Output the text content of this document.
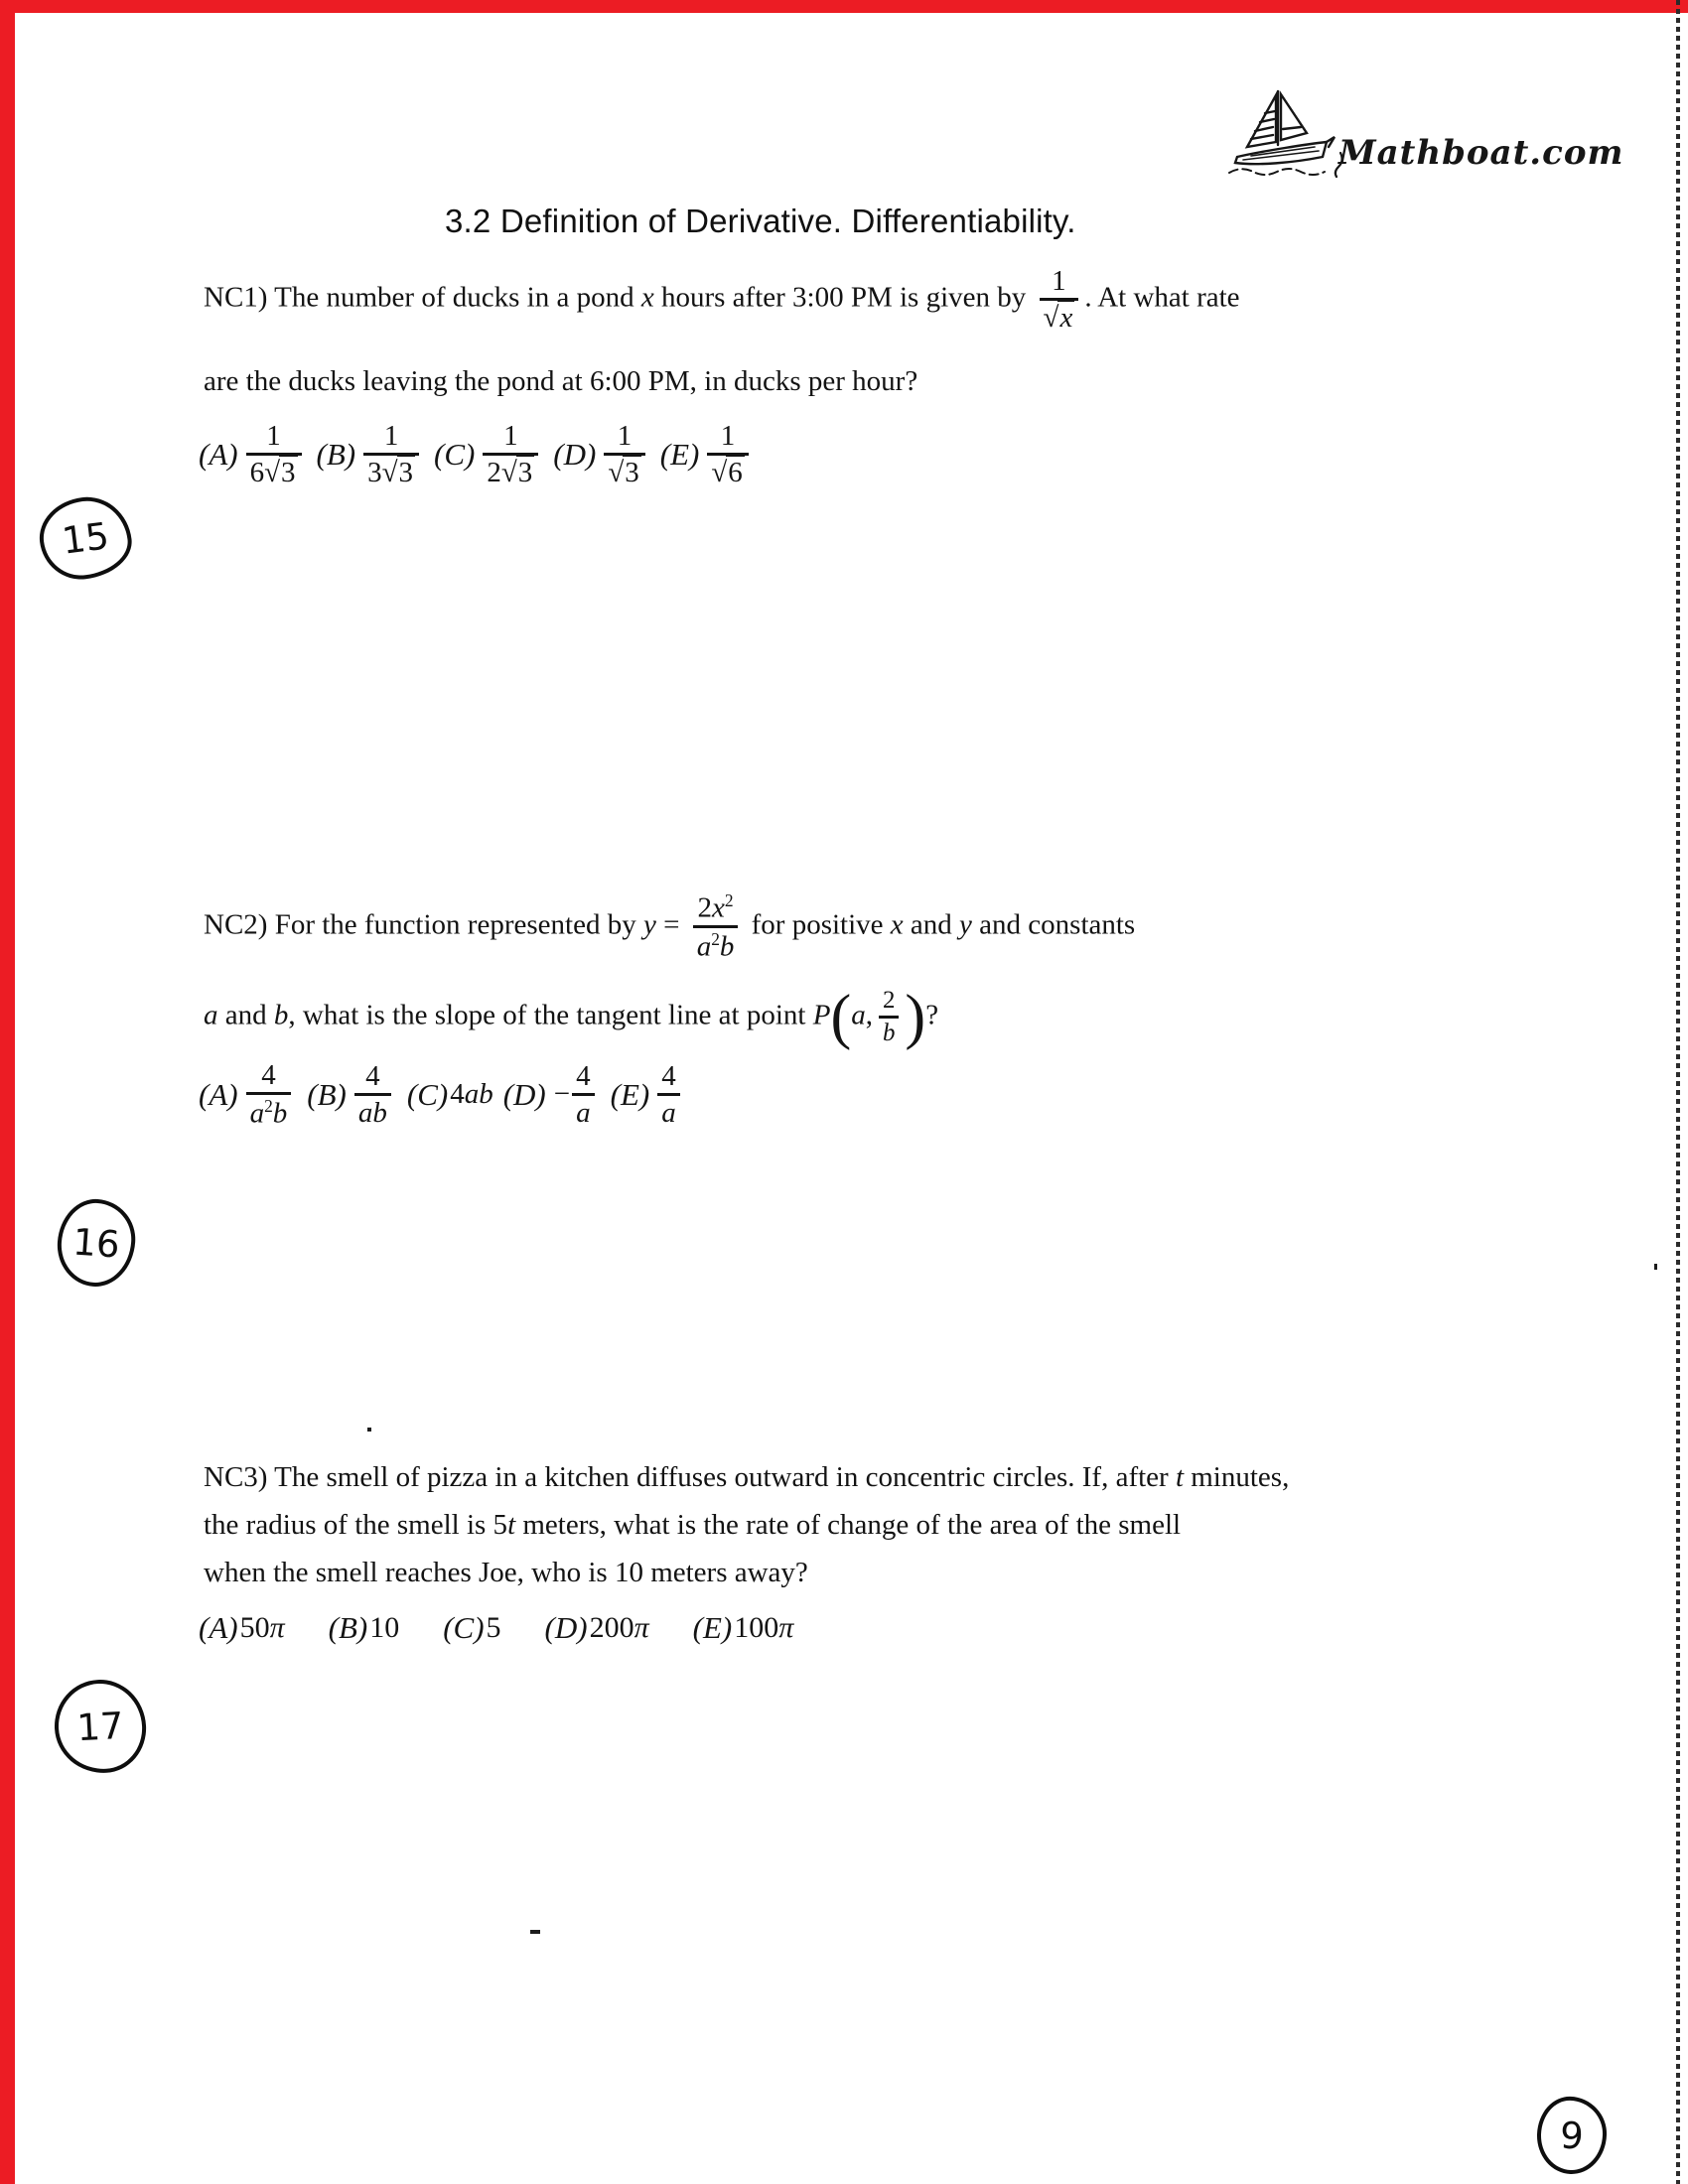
Mathboat.com
3.2 Definition of Derivative. Differentiability.
NC1) The number of ducks in a pond x hours after 3:00 PM is given by $\frac{1}{√x}$ . At what rate
are the ducks leaving the pond at 6:00 PM, in ducks per hour?
$(A) \frac{1}{6√3} (B) \frac{1}{3√3} (C) \frac{1}{2√3} (D) \frac{1}{√3} (E) \frac{1}{√6}$
15
NC2) For the function represented by $y = \frac{2x^2}{a^2b}$ for positive x and y and constants
a and b, what is the slope of the tangent line at point P(a, $\frac{2}{b}$ )?
$(A) \frac{4}{a^2b} (B) \frac{4}{ab} (C)$ 4 ab $(D) - \frac{4}{a} (E) \frac{4}{a}$
16
NC3) The smell of pizza in a kitchen diffuses outward in concentric circles. If, after t minutes,
the radius of the smell is 5t meters, what is the rate of change of the area of the smell
when the smell reaches Joe, who is 10 meters away?
(A) 50 π (B) 10 (C) 5 (D) 200 π (E) 100 π
17
9
